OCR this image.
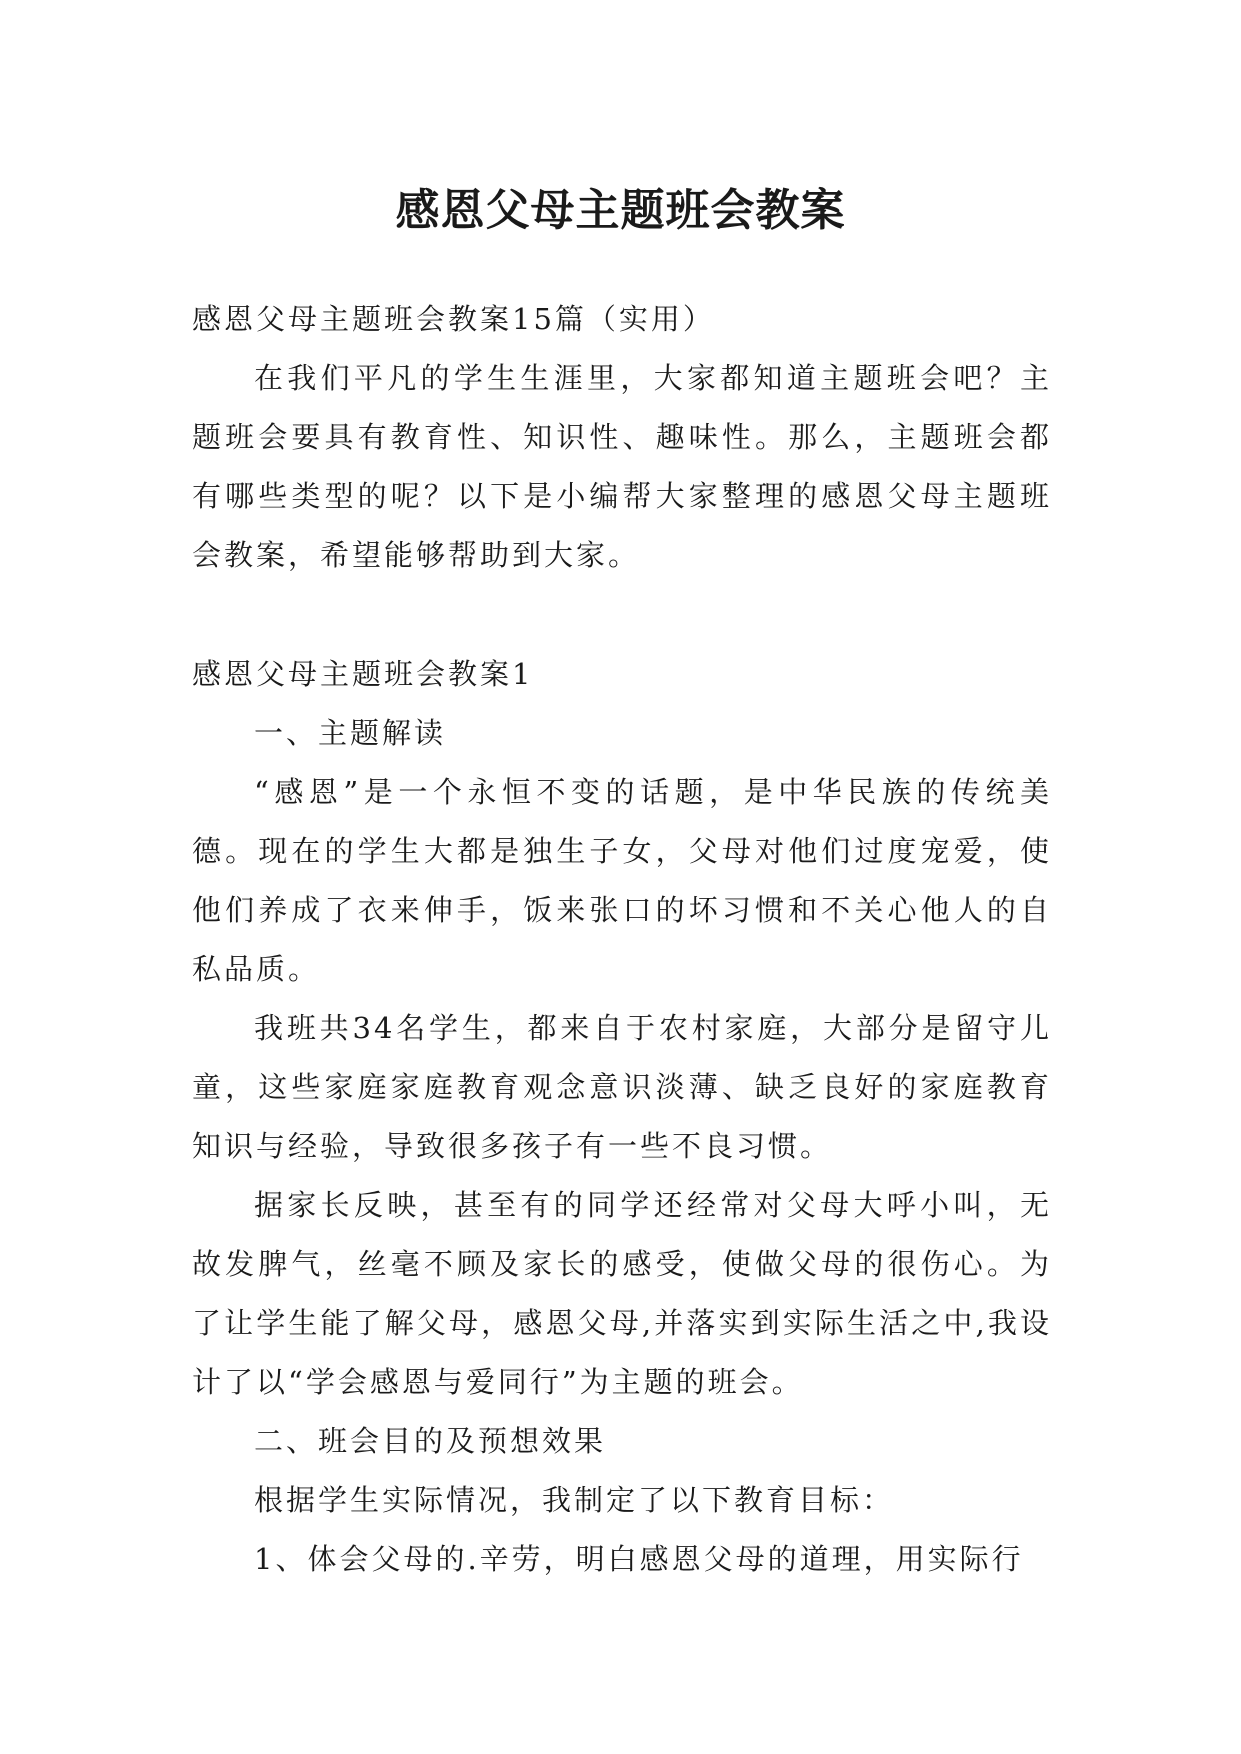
感恩父母主题班会教案

感恩父母主题班会教案15篇（实用）

在我们平凡的学生生涯里，大家都知道主题班会吧？主题班会要具有教育性、知识性、趣味性。那么，主题班会都有哪些类型的呢？以下是小编帮大家整理的感恩父母主题班会教案，希望能够帮助到大家。

感恩父母主题班会教案1

一、主题解读

“感恩”是一个永恒不变的话题，是中华民族的传统美德。现在的学生大都是独生子女，父母对他们过度宠爱，使他们养成了衣来伸手，饭来张口的坏习惯和不关心他人的自私品质。

我班共34名学生，都来自于农村家庭，大部分是留守儿童，这些家庭家庭教育观念意识淡薄、缺乏良好的家庭教育知识与经验，导致很多孩子有一些不良习惯。

据家长反映，甚至有的同学还经常对父母大呼小叫，无故发脾气，丝毫不顾及家长的感受，使做父母的很伤心。为了让学生能了解父母，感恩父母,并落实到实际生活之中,我设计了以“学会感恩与爱同行”为主题的班会。

二、班会目的及预想效果

根据学生实际情况，我制定了以下教育目标：

1、体会父母的.辛劳，明白感恩父母的道理，用实际行
